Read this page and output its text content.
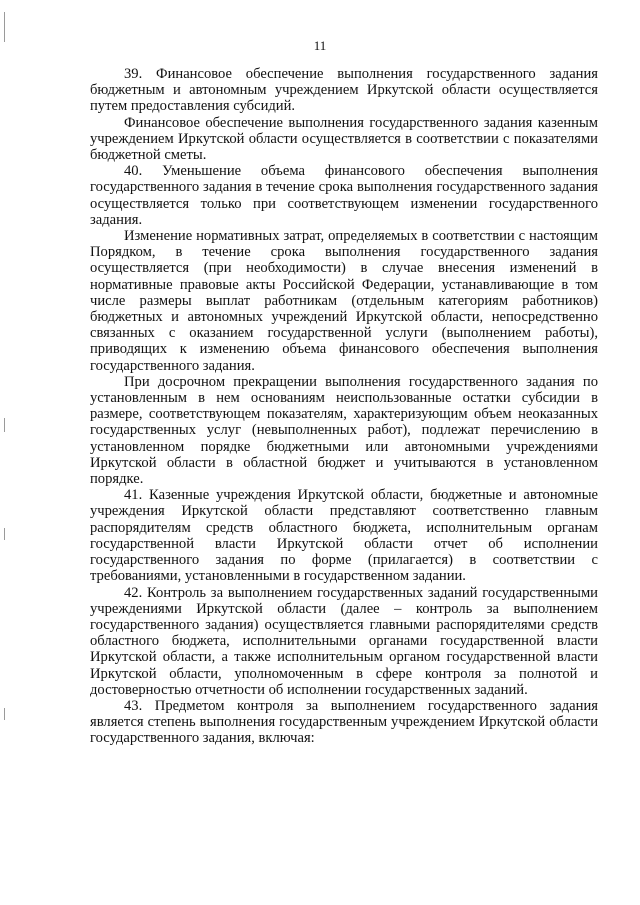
11

39. Финансовое обеспечение выполнения государственного задания бюджетным и автономным учреждением Иркутской области осуществляется путем предоставления субсидий.

Финансовое обеспечение выполнения государственного задания казенным учреждением Иркутской области осуществляется в соответствии с показателями бюджетной сметы.

40. Уменьшение объема финансового обеспечения выполнения государственного задания в течение срока выполнения государственного задания осуществляется только при соответствующем изменении государственного задания.

Изменение нормативных затрат, определяемых в соответствии с настоящим Порядком, в течение срока выполнения государственного задания осуществляется (при необходимости) в случае внесения изменений в нормативные правовые акты Российской Федерации, устанавливающие в том числе размеры выплат работникам (отдельным категориям работников) бюджетных и автономных учреждений Иркутской области, непосредственно связанных с оказанием государственной услуги (выполнением работы), приводящих к изменению объема финансового обеспечения выполнения государственного задания.

При досрочном прекращении выполнения государственного задания по установленным в нем основаниям неиспользованные остатки субсидии в размере, соответствующем показателям, характеризующим объем неоказанных государственных услуг (невыполненных работ), подлежат перечислению в установленном порядке бюджетными или автономными учреждениями Иркутской области в областной бюджет и учитываются в установленном порядке.

41. Казенные учреждения Иркутской области, бюджетные и автономные учреждения Иркутской области представляют соответственно главным распорядителям средств областного бюджета, исполнительным органам государственной власти Иркутской области отчет об исполнении государственного задания по форме (прилагается) в соответствии с требованиями, установленными в государственном задании.

42. Контроль за выполнением государственных заданий государственными учреждениями Иркутской области (далее – контроль за выполнением государственного задания) осуществляется главными распорядителями средств областного бюджета, исполнительными органами государственной власти Иркутской области, а также исполнительным органом государственной власти Иркутской области, уполномоченным в сфере контроля за полнотой и достоверностью отчетности об исполнении государственных заданий.

43. Предметом контроля за выполнением государственного задания является степень выполнения государственным учреждением Иркутской области государственного задания, включая:
